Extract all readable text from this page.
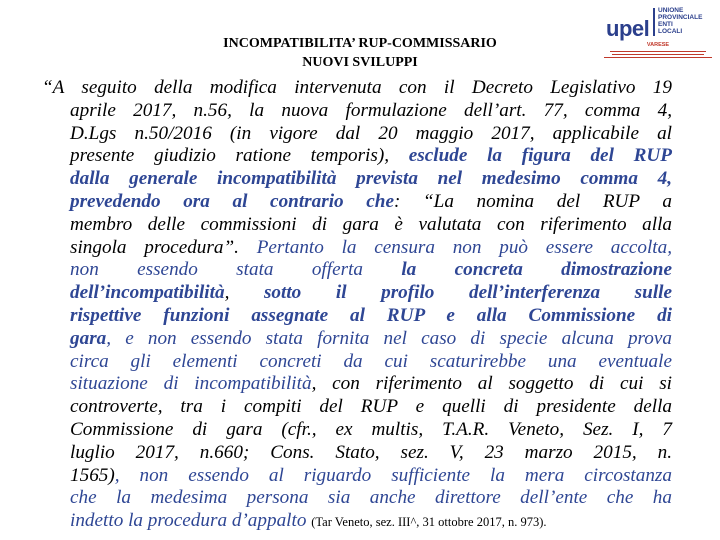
INCOMPATIBILITA’ RUP-COMMISSARIO
NUOVI SVILUPPI
upel
UNIONE
PROVINCIALE
ENTI
LOCALI
VARESE
“A seguito della modifica intervenuta con il Decreto Legislativo 19
aprile 2017, n.56, la nuova formulazione dell’art. 77, comma 4,
D.Lgs n.50/2016 (in vigore dal 20 maggio 2017, applicabile al
presente giudizio ratione temporis), esclude la figura del RUP
dalla generale incompatibilità prevista nel medesimo comma 4,
prevedendo ora al contrario che: “La nomina del RUP a
membro delle commissioni di gara è valutata con riferimento alla
singola procedura”. Pertanto la censura non può essere accolta,
non essendo stata offerta la concreta dimostrazione
dell’incompatibilità, sotto il profilo dell’interferenza sulle
rispettive funzioni assegnate al RUP e alla Commissione di
gara, e non essendo stata fornita nel caso di specie alcuna prova
circa gli elementi concreti da cui scaturirebbe una eventuale
situazione di incompatibilità, con riferimento al soggetto di cui si
controverte, tra i compiti del RUP e quelli di presidente della
Commissione di gara (cfr., ex multis, T.A.R. Veneto, Sez. I, 7
luglio 2017, n.660; Cons. Stato, sez. V, 23 marzo 2015, n.
1565), non essendo al riguardo sufficiente la mera circostanza
che la medesima persona sia anche direttore dell’ente che ha
indetto la procedura d’appalto (Tar Veneto, sez. III^, 31 ottobre 2017, n. 973).
